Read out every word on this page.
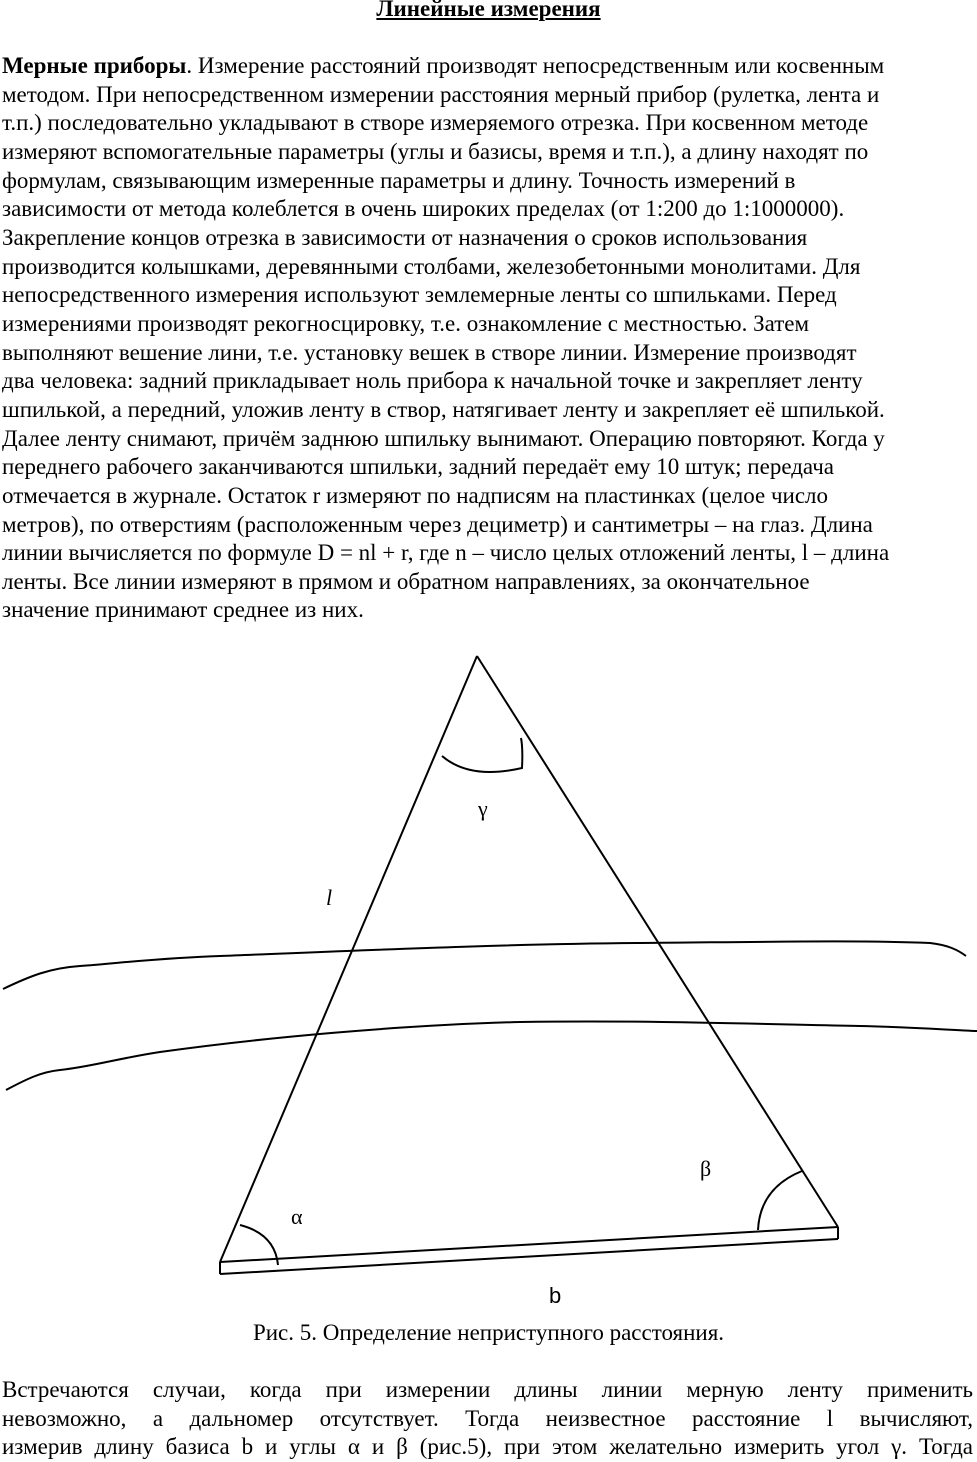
Линейные измерения
Мерные приборы. Измерение расстояний производят непосредственным или косвенным
методом. При непосредственном измерении расстояния мерный прибор (рулетка, лента и
т.п.) последовательно укладывают в створе измеряемого отрезка. При косвенном методе
измеряют вспомогательные параметры (углы и базисы, время и т.п.), а длину находят по
формулам, связывающим измеренные параметры и длину. Точность измерений в
зависимости от метода колеблется в очень широких пределах (от 1:200 до 1:1000000).
Закрепление концов отрезка в зависимости от назначения о сроков использования
производится колышками, деревянными столбами, железобетонными монолитами. Для
непосредственного измерения используют землемерные ленты со шпильками. Перед
измерениями производят рекогносцировку, т.е. ознакомление с местностью. Затем
выполняют вешение лини, т.е. установку вешек в створе линии. Измерение производят
два человека: задний прикладывает ноль прибора к начальной точке и закрепляет ленту
шпилькой, а передний, уложив ленту в створ, натягивает ленту и закрепляет её шпилькой.
Далее ленту снимают, причём заднюю шпильку вынимают. Операцию повторяют. Когда у
переднего рабочего заканчиваются шпильки, задний передаёт ему 10 штук; передача
отмечается в журнале. Остаток r измеряют по надписям на пластинках (целое число
метров), по отверстиям (расположенным через дециметр) и сантиметры – на глаз. Длина
линии вычисляется по формуле D = nl + r, где n – число целых отложений ленты, l – длина
ленты. Все линии измеряют в прямом и обратном направлениях, за окончательное
значение принимают среднее из них.
γ
l
β
α
b

Рис. 5. Определение неприступного расстояния.

Встречаются случаи, когда при измерении длины линии мерную ленту применить
невозможно, а дальномер отсутствует. Тогда неизвестное расстояние l вычисляют,
измерив длину базиса b и углы α и β (рис.5), при этом желательно измерить угол γ. Тогда
